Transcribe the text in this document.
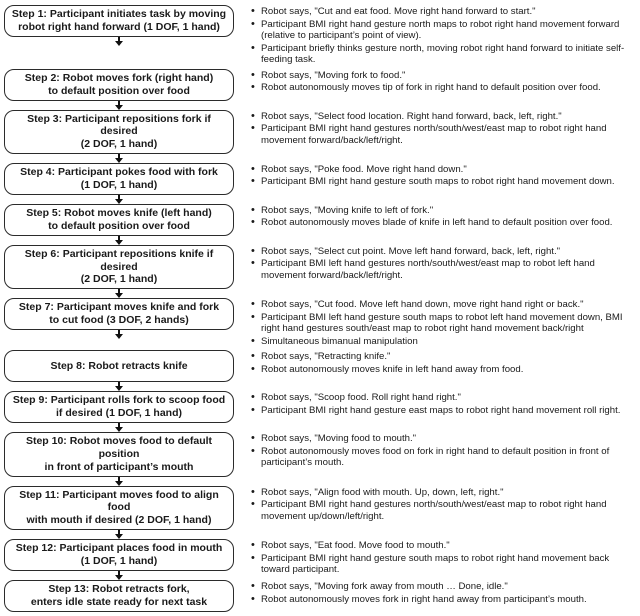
Step 1: Participant initiates task by moving
robot right hand forward (1 DOF, 1 hand)
• Robot says, "Cut and eat food. Move right hand forward to start."
• Participant BMI right hand gesture north maps to robot right hand movement forward (relative to participant’s point of view).
• Participant briefly thinks gesture north, moving robot right hand forward to initiate self-feeding task.
Step 2: Robot moves fork (right hand)
to default position over food
• Robot says, "Moving fork to food."
• Robot autonomously moves tip of fork in right hand to default position over food.
Step 3: Participant repositions fork if desired
(2 DOF, 1 hand)
• Robot says, "Select food location. Right hand forward, back, left, right."
• Participant BMI right hand gestures north/south/west/east map to robot right hand movement forward/back/left/right.
Step 4: Participant pokes food with fork
(1 DOF, 1 hand)
• Robot says, "Poke food. Move right hand down."
• Participant BMI right hand gesture south maps to robot right hand movement down.
Step 5: Robot moves knife (left hand)
to default position over food
• Robot says, "Moving knife to left of fork."
• Robot autonomously moves blade of knife in left hand to default position over food.
Step 6: Participant repositions knife if desired
(2 DOF, 1 hand)
• Robot says, "Select cut point. Move left hand forward, back, left, right."
• Participant BMI left hand gestures north/south/west/east map to robot left hand movement forward/back/left/right.
Step 7: Participant moves knife and fork
to cut food (3 DOF, 2 hands)
• Robot says, "Cut food. Move left hand down, move right hand right or back."
• Participant BMI left hand gesture south maps to robot left hand movement down, BMI right hand gestures south/east map to robot right hand movement back/right
• Simultaneous bimanual manipulation
Step 8: Robot retracts knife
• Robot says, "Retracting knife."
• Robot autonomously moves knife in left hand away from food.
Step 9: Participant rolls fork to scoop food
if desired (1 DOF, 1 hand)
• Robot says, "Scoop food. Roll right hand right."
• Participant BMI right hand gesture east maps to robot right hand movement roll right.
Step 10: Robot moves food to default position
in front of participant’s mouth
• Robot says, "Moving food to mouth."
• Robot autonomously moves food on fork in right hand to default position in front of participant’s mouth.
Step 11: Participant moves food to align food
with mouth if desired (2 DOF, 1 hand)
• Robot says, "Align food with mouth. Up, down, left, right."
• Participant BMI right hand gestures north/south/west/east map to robot right hand movement up/down/left/right.
Step 12: Participant places food in mouth
(1 DOF, 1 hand)
• Robot says, "Eat food. Move food to mouth."
• Participant BMI right hand gesture south maps to robot right hand movement back toward participant.
Step 13: Robot retracts fork,
enters idle state ready for next task
• Robot says, "Moving fork away from mouth … Done, idle."
• Robot autonomously moves fork in right hand away from participant’s mouth.
